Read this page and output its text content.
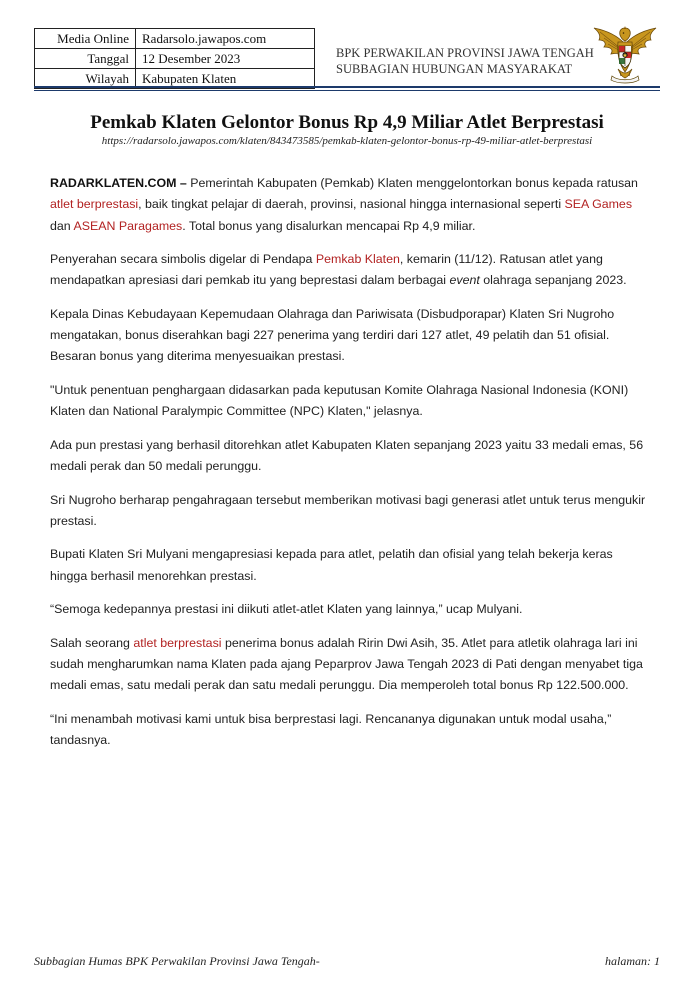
Media Online	Radarsolo.jawapos.com
Tanggal	12 Desember 2023
Wilayah	Kabupaten Klaten
BPK PERWAKILAN PROVINSI JAWA TENGAH
SUBBAGIAN HUBUNGAN MASYARAKAT
Pemkab Klaten Gelontor Bonus Rp 4,9 Miliar Atlet Berprestasi
https://radarsolo.jawapos.com/klaten/843473585/pemkab-klaten-gelontor-bonus-rp-49-miliar-atlet-berprestasi

RADARKLATEN.COM – Pemerintah Kabupaten (Pemkab) Klaten menggelontorkan bonus kepada ratusan atlet berprestasi, baik tingkat pelajar di daerah, provinsi, nasional hingga internasional seperti SEA Games dan ASEAN Paragames. Total bonus yang disalurkan mencapai Rp 4,9 miliar.

Penyerahan secara simbolis digelar di Pendapa Pemkab Klaten, kemarin (11/12). Ratusan atlet yang mendapatkan apresiasi dari pemkab itu yang beprestasi dalam berbagai event olahraga sepanjang 2023.

Kepala Dinas Kebudayaan Kepemudaan Olahraga dan Pariwisata (Disbudporapar) Klaten Sri Nugroho mengatakan, bonus diserahkan bagi 227 penerima yang terdiri dari 127 atlet, 49 pelatih dan 51 ofisial. Besaran bonus yang diterima menyesuaikan prestasi.

"Untuk penentuan penghargaan didasarkan pada keputusan Komite Olahraga Nasional Indonesia (KONI) Klaten dan National Paralympic Committee (NPC) Klaten," jelasnya.

Ada pun prestasi yang berhasil ditorehkan atlet Kabupaten Klaten sepanjang 2023 yaitu 33 medali emas, 56 medali perak dan 50 medali perunggu.

Sri Nugroho berharap pengahragaan tersebut memberikan motivasi bagi generasi atlet untuk terus mengukir prestasi.

Bupati Klaten Sri Mulyani mengapresiasi kepada para atlet, pelatih dan ofisial yang telah bekerja keras hingga berhasil menorehkan prestasi.

“Semoga kedepannya prestasi ini diikuti atlet-atlet Klaten yang lainnya,” ucap Mulyani.

Salah seorang atlet berprestasi penerima bonus adalah Ririn Dwi Asih, 35. Atlet para atletik olahraga lari ini sudah mengharumkan nama Klaten pada ajang Peparprov Jawa Tengah 2023 di Pati dengan menyabet tiga medali emas, satu medali perak dan satu medali perunggu. Dia memperoleh total bonus Rp 122.500.000.

“Ini menambah motivasi kami untuk bisa berprestasi lagi. Rencananya digunakan untuk modal usaha,” tandasnya.

Subbagian Humas BPK Perwakilan Provinsi Jawa Tengah-	halaman: 1
